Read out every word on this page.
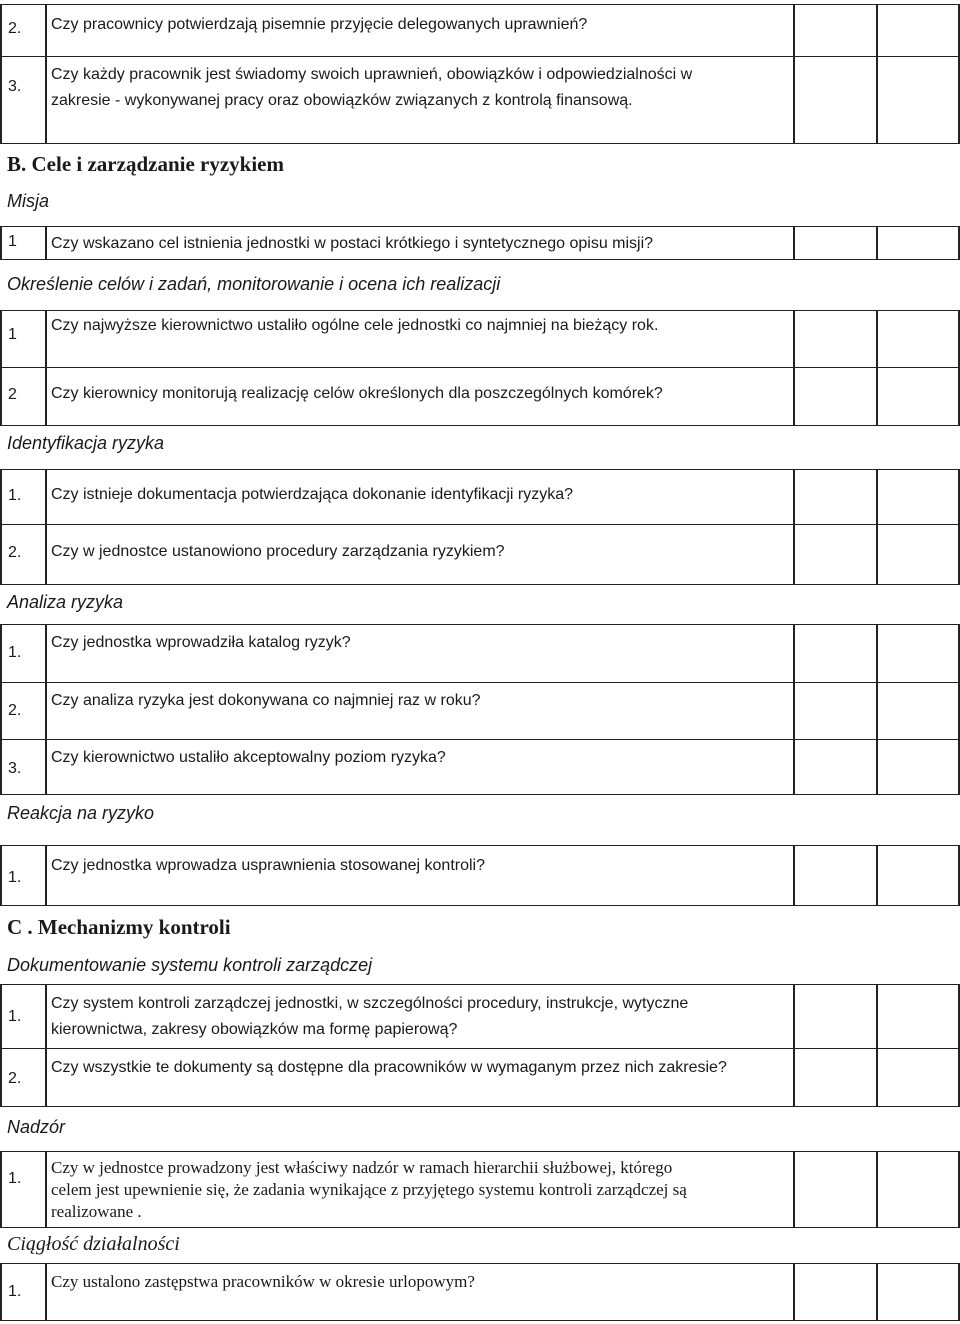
2. Czy pracownicy potwierdzają pisemnie przyjęcie delegowanych uprawnień?
3.
Czy każdy pracownik jest świadomy swoich uprawnień, obowiązków i odpowiedzialności w
zakresie - wykonywanej pracy oraz obowiązków związanych z kontrolą finansową.
1 Czy wskazano cel istnienia jednostki w postaci krótkiego i syntetycznego opisu misji?
1
Czy najwyższe kierownictwo ustaliło ogólne cele jednostki co najmniej na bieżący rok.
2 Czy kierownicy monitorują realizację celów określonych dla poszczególnych komórek?
1. Czy istnieje dokumentacja potwierdzająca dokonanie identyfikacji ryzyka?
2. Czy w jednostce ustanowiono procedury zarządzania ryzykiem?
1.
Czy jednostka wprowadziła katalog ryzyk?
2.
Czy analiza ryzyka jest dokonywana co najmniej raz w roku?
3.
Czy kierownictwo ustaliło akceptowalny poziom ryzyka?
1.
Czy jednostka wprowadza usprawnienia stosowanej kontroli?
1.
Czy system kontroli zarządczej jednostki, w szczególności procedury, instrukcje, wytyczne
kierownictwa, zakresy obowiązków ma formę papierową?
2.
Czy wszystkie te dokumenty są dostępne dla pracowników w wymaganym przez nich zakresie?
1.
Czy w jednostce prowadzony jest właściwy nadzór w ramach hierarchii służbowej, którego
celem jest upewnienie się, że zadania wynikające z przyjętego systemu kontroli zarządczej są
realizowane .
1.
Czy ustalono zastępstwa pracowników w okresie urlopowym?
B. Cele i zarządzanie ryzykiem
Misja
Określenie celów i zadań, monitorowanie i ocena ich realizacji
Identyfikacja ryzyka
Analiza ryzyka
Reakcja na ryzyko
C . Mechanizmy kontroli
Dokumentowanie systemu kontroli zarządczej
Nadzór
Ciągłość działalności
